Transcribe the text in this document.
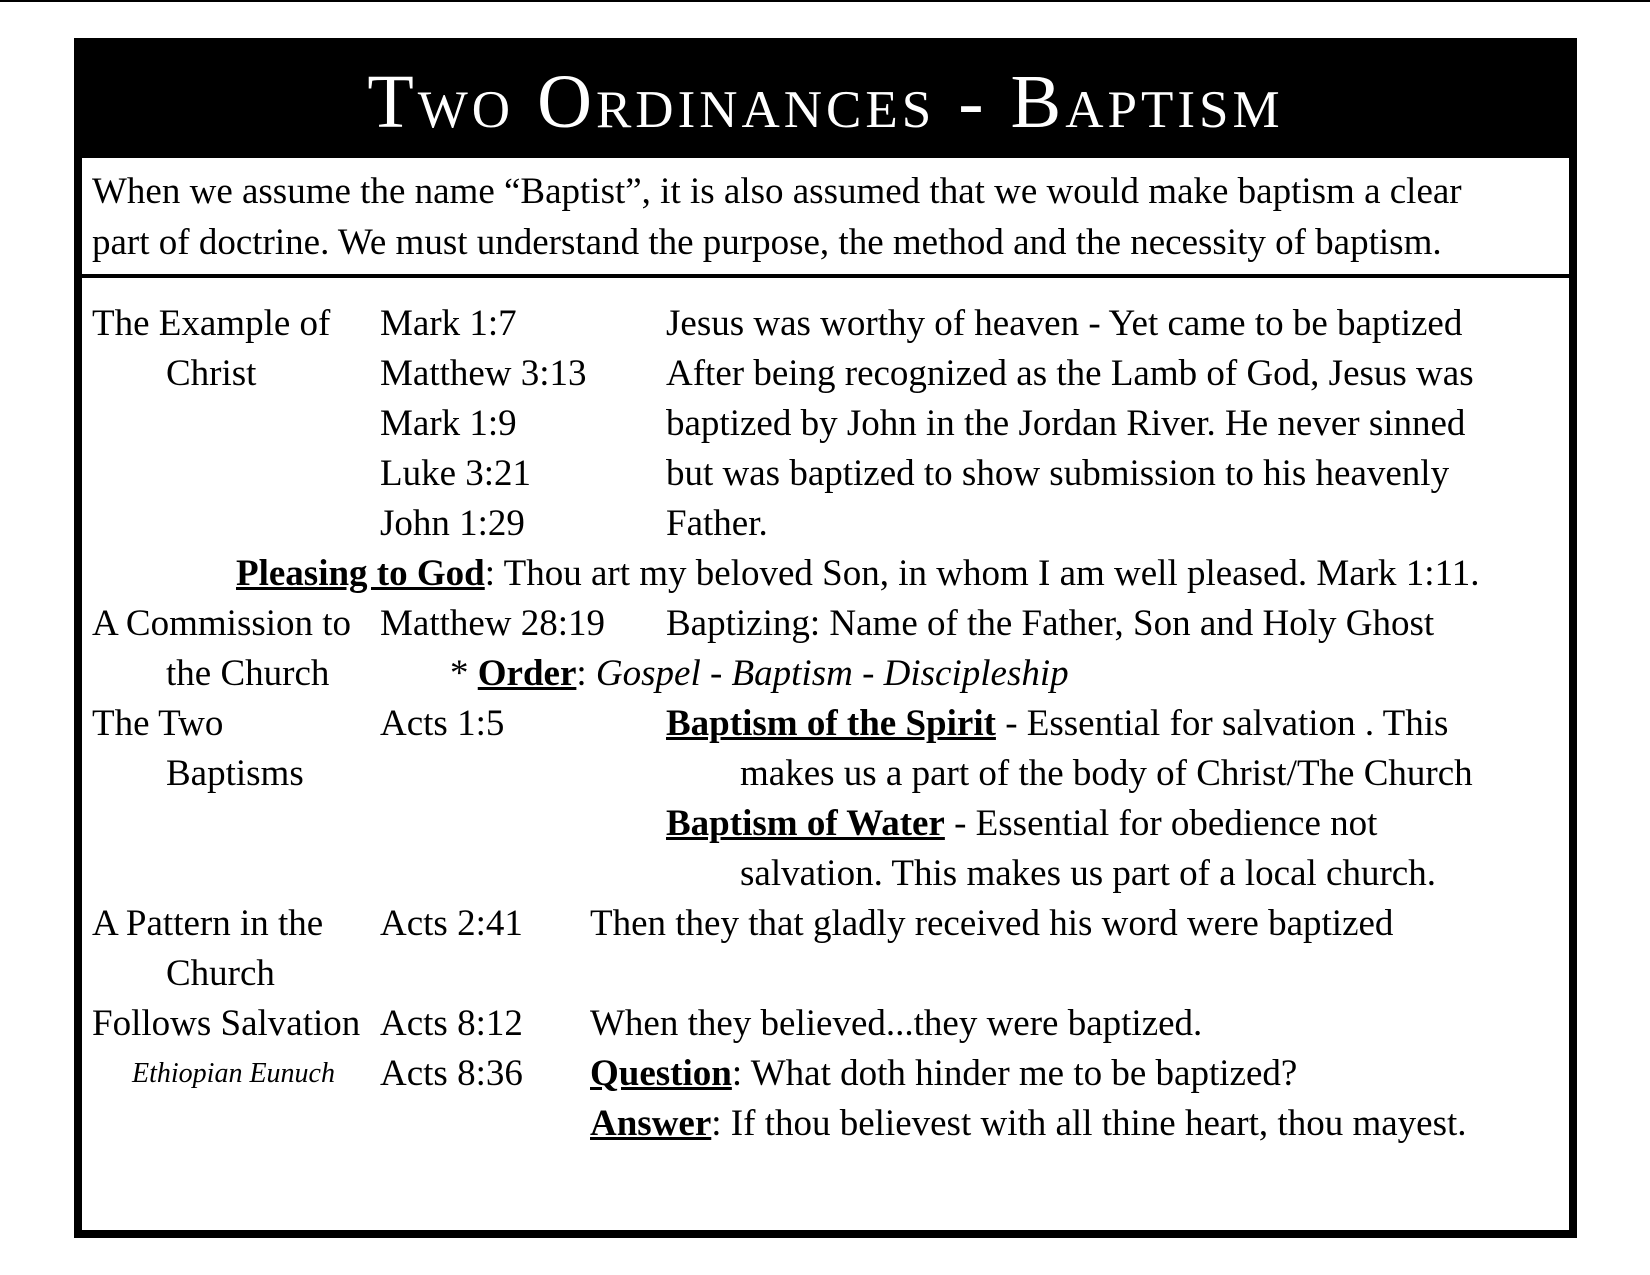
Two Ordinances - Baptism
When we assume the name “Baptist”, it is also assumed that we would make baptism a clear
part of doctrine. We must understand the purpose, the method and the necessity of baptism.
The Example of
Christ
Mark 1:7
Matthew 3:13
Mark 1:9
Luke 3:21
John 1:29
Jesus was worthy of heaven - Yet came to be baptized
After being recognized as the Lamb of God, Jesus was
baptized by John in the Jordan River. He never sinned
but was baptized to show submission to his heavenly
Father.
Pleasing to God: Thou art my beloved Son, in whom I am well pleased. Mark 1:11.
A Commission to
the Church
Matthew 28:19 Baptizing: Name of the Father, Son and Holy Ghost
* Order: Gospel - Baptism - Discipleship
The Two
Baptisms
Acts 1:5	Baptism of the Spirit - Essential for salvation . This
makes us a part of the body of Christ/The Church
Baptism of Water - Essential for obedience not
salvation. This makes us part of a local church.
A Pattern in the
Church
Acts 2:41 Then they that gladly received his word were baptized
Follows Salvation
Ethiopian Eunuch
Acts 8:12 When they believed...they were baptized.
Acts 8:36 Question: What doth hinder me to be baptized?
Answer: If thou believest with all thine heart, thou mayest.
